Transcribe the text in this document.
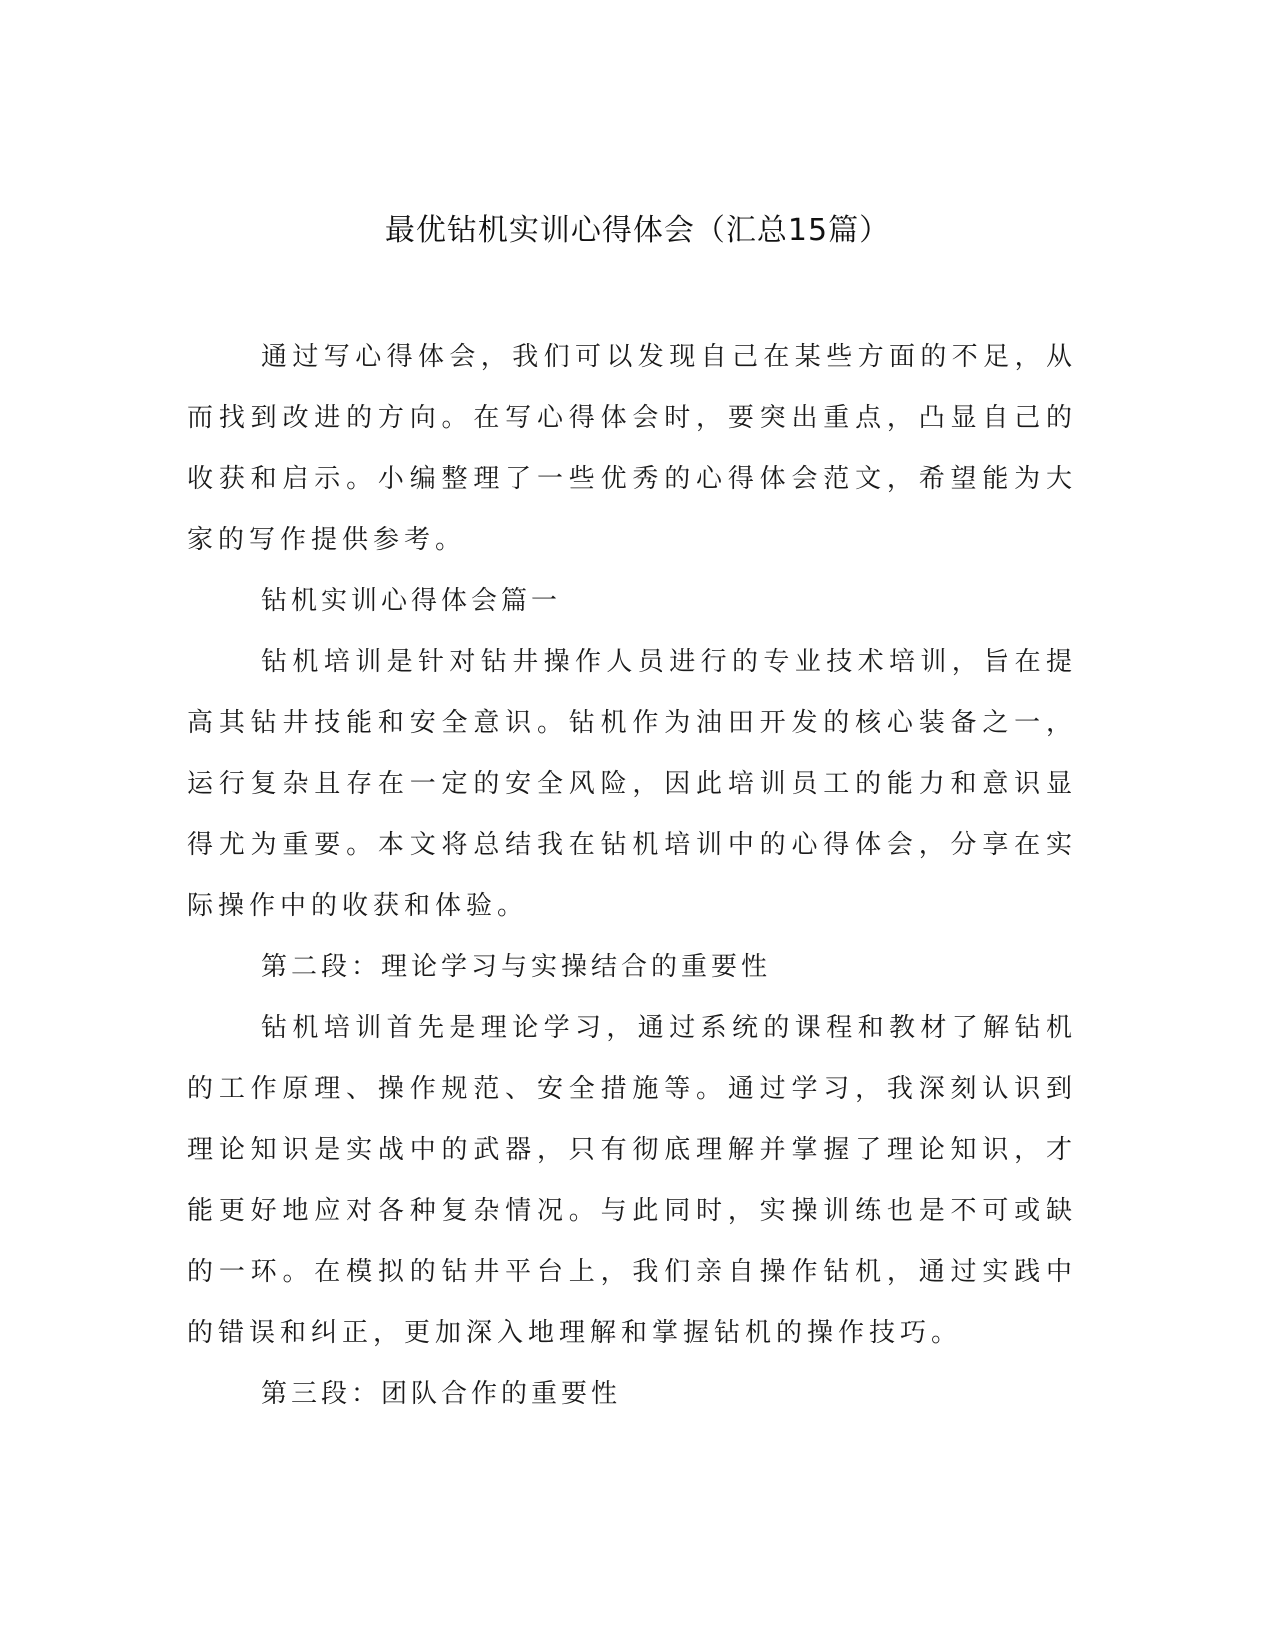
最优钻机实训心得体会（汇总15篇）

通过写心得体会，我们可以发现自己在某些方面的不足，从而找到改进的方向。在写心得体会时，要突出重点，凸显自己的收获和启示。小编整理了一些优秀的心得体会范文，希望能为大家的写作提供参考。

钻机实训心得体会篇一

钻机培训是针对钻井操作人员进行的专业技术培训，旨在提高其钻井技能和安全意识。钻机作为油田开发的核心装备之一，运行复杂且存在一定的安全风险，因此培训员工的能力和意识显得尤为重要。本文将总结我在钻机培训中的心得体会，分享在实际操作中的收获和体验。

第二段：理论学习与实操结合的重要性

钻机培训首先是理论学习，通过系统的课程和教材了解钻机的工作原理、操作规范、安全措施等。通过学习，我深刻认识到理论知识是实战中的武器，只有彻底理解并掌握了理论知识，才能更好地应对各种复杂情况。与此同时，实操训练也是不可或缺的一环。在模拟的钻井平台上，我们亲自操作钻机，通过实践中的错误和纠正，更加深入地理解和掌握钻机的操作技巧。

第三段：团队合作的重要性
